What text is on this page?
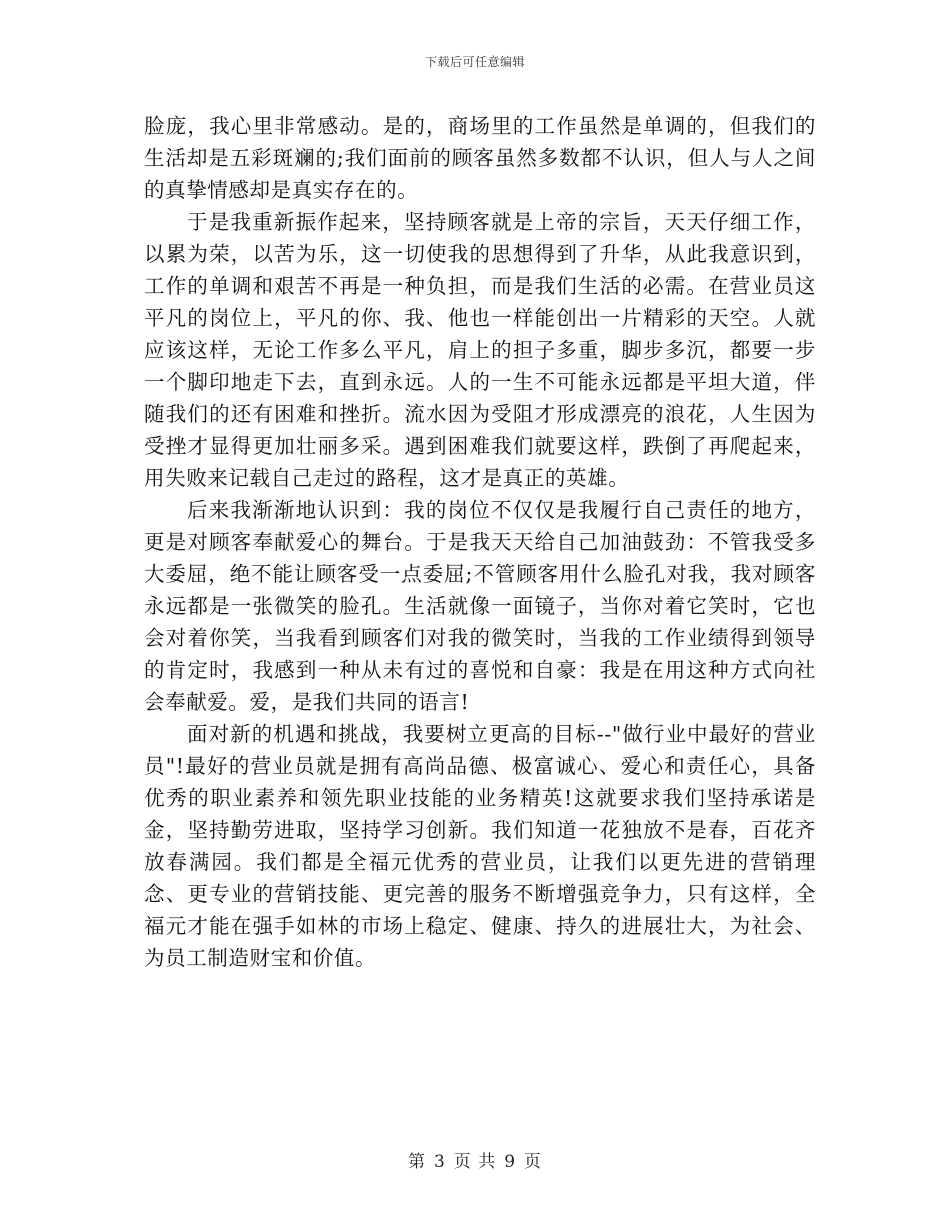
下载后可任意编辑

脸庞，我心里非常感动。是的，商场里的工作虽然是单调的，但我们的生活却是五彩斑斓的;我们面前的顾客虽然多数都不认识，但人与人之间的真挚情感却是真实存在的。

于是我重新振作起来，坚持顾客就是上帝的宗旨，天天仔细工作，以累为荣，以苦为乐，这一切使我的思想得到了升华，从此我意识到，工作的单调和艰苦不再是一种负担，而是我们生活的必需。在营业员这平凡的岗位上，平凡的你、我、他也一样能创出一片精彩的天空。人就应该这样，无论工作多么平凡，肩上的担子多重，脚步多沉，都要一步一个脚印地走下去，直到永远。人的一生不可能永远都是平坦大道，伴随我们的还有困难和挫折。流水因为受阻才形成漂亮的浪花，人生因为受挫才显得更加壮丽多采。遇到困难我们就要这样，跌倒了再爬起来，用失败来记载自己走过的路程，这才是真正的英雄。

后来我渐渐地认识到：我的岗位不仅仅是我履行自己责任的地方，更是对顾客奉献爱心的舞台。于是我天天给自己加油鼓劲：不管我受多大委屈，绝不能让顾客受一点委屈;不管顾客用什么脸孔对我，我对顾客永远都是一张微笑的脸孔。生活就像一面镜子，当你对着它笑时，它也会对着你笑，当我看到顾客们对我的微笑时，当我的工作业绩得到领导的肯定时，我感到一种从未有过的喜悦和自豪：我是在用这种方式向社会奉献爱。爱，是我们共同的语言!

面对新的机遇和挑战，我要树立更高的目标--"做行业中最好的营业员"!最好的营业员就是拥有高尚品德、极富诚心、爱心和责任心，具备优秀的职业素养和领先职业技能的业务精英!这就要求我们坚持承诺是金，坚持勤劳进取，坚持学习创新。我们知道一花独放不是春，百花齐放春满园。我们都是全福元优秀的营业员，让我们以更先进的营销理念、更专业的营销技能、更完善的服务不断增强竞争力，只有这样，全福元才能在强手如林的市场上稳定、健康、持久的进展壮大，为社会、为员工制造财宝和价值。

第 3 页 共 9 页
